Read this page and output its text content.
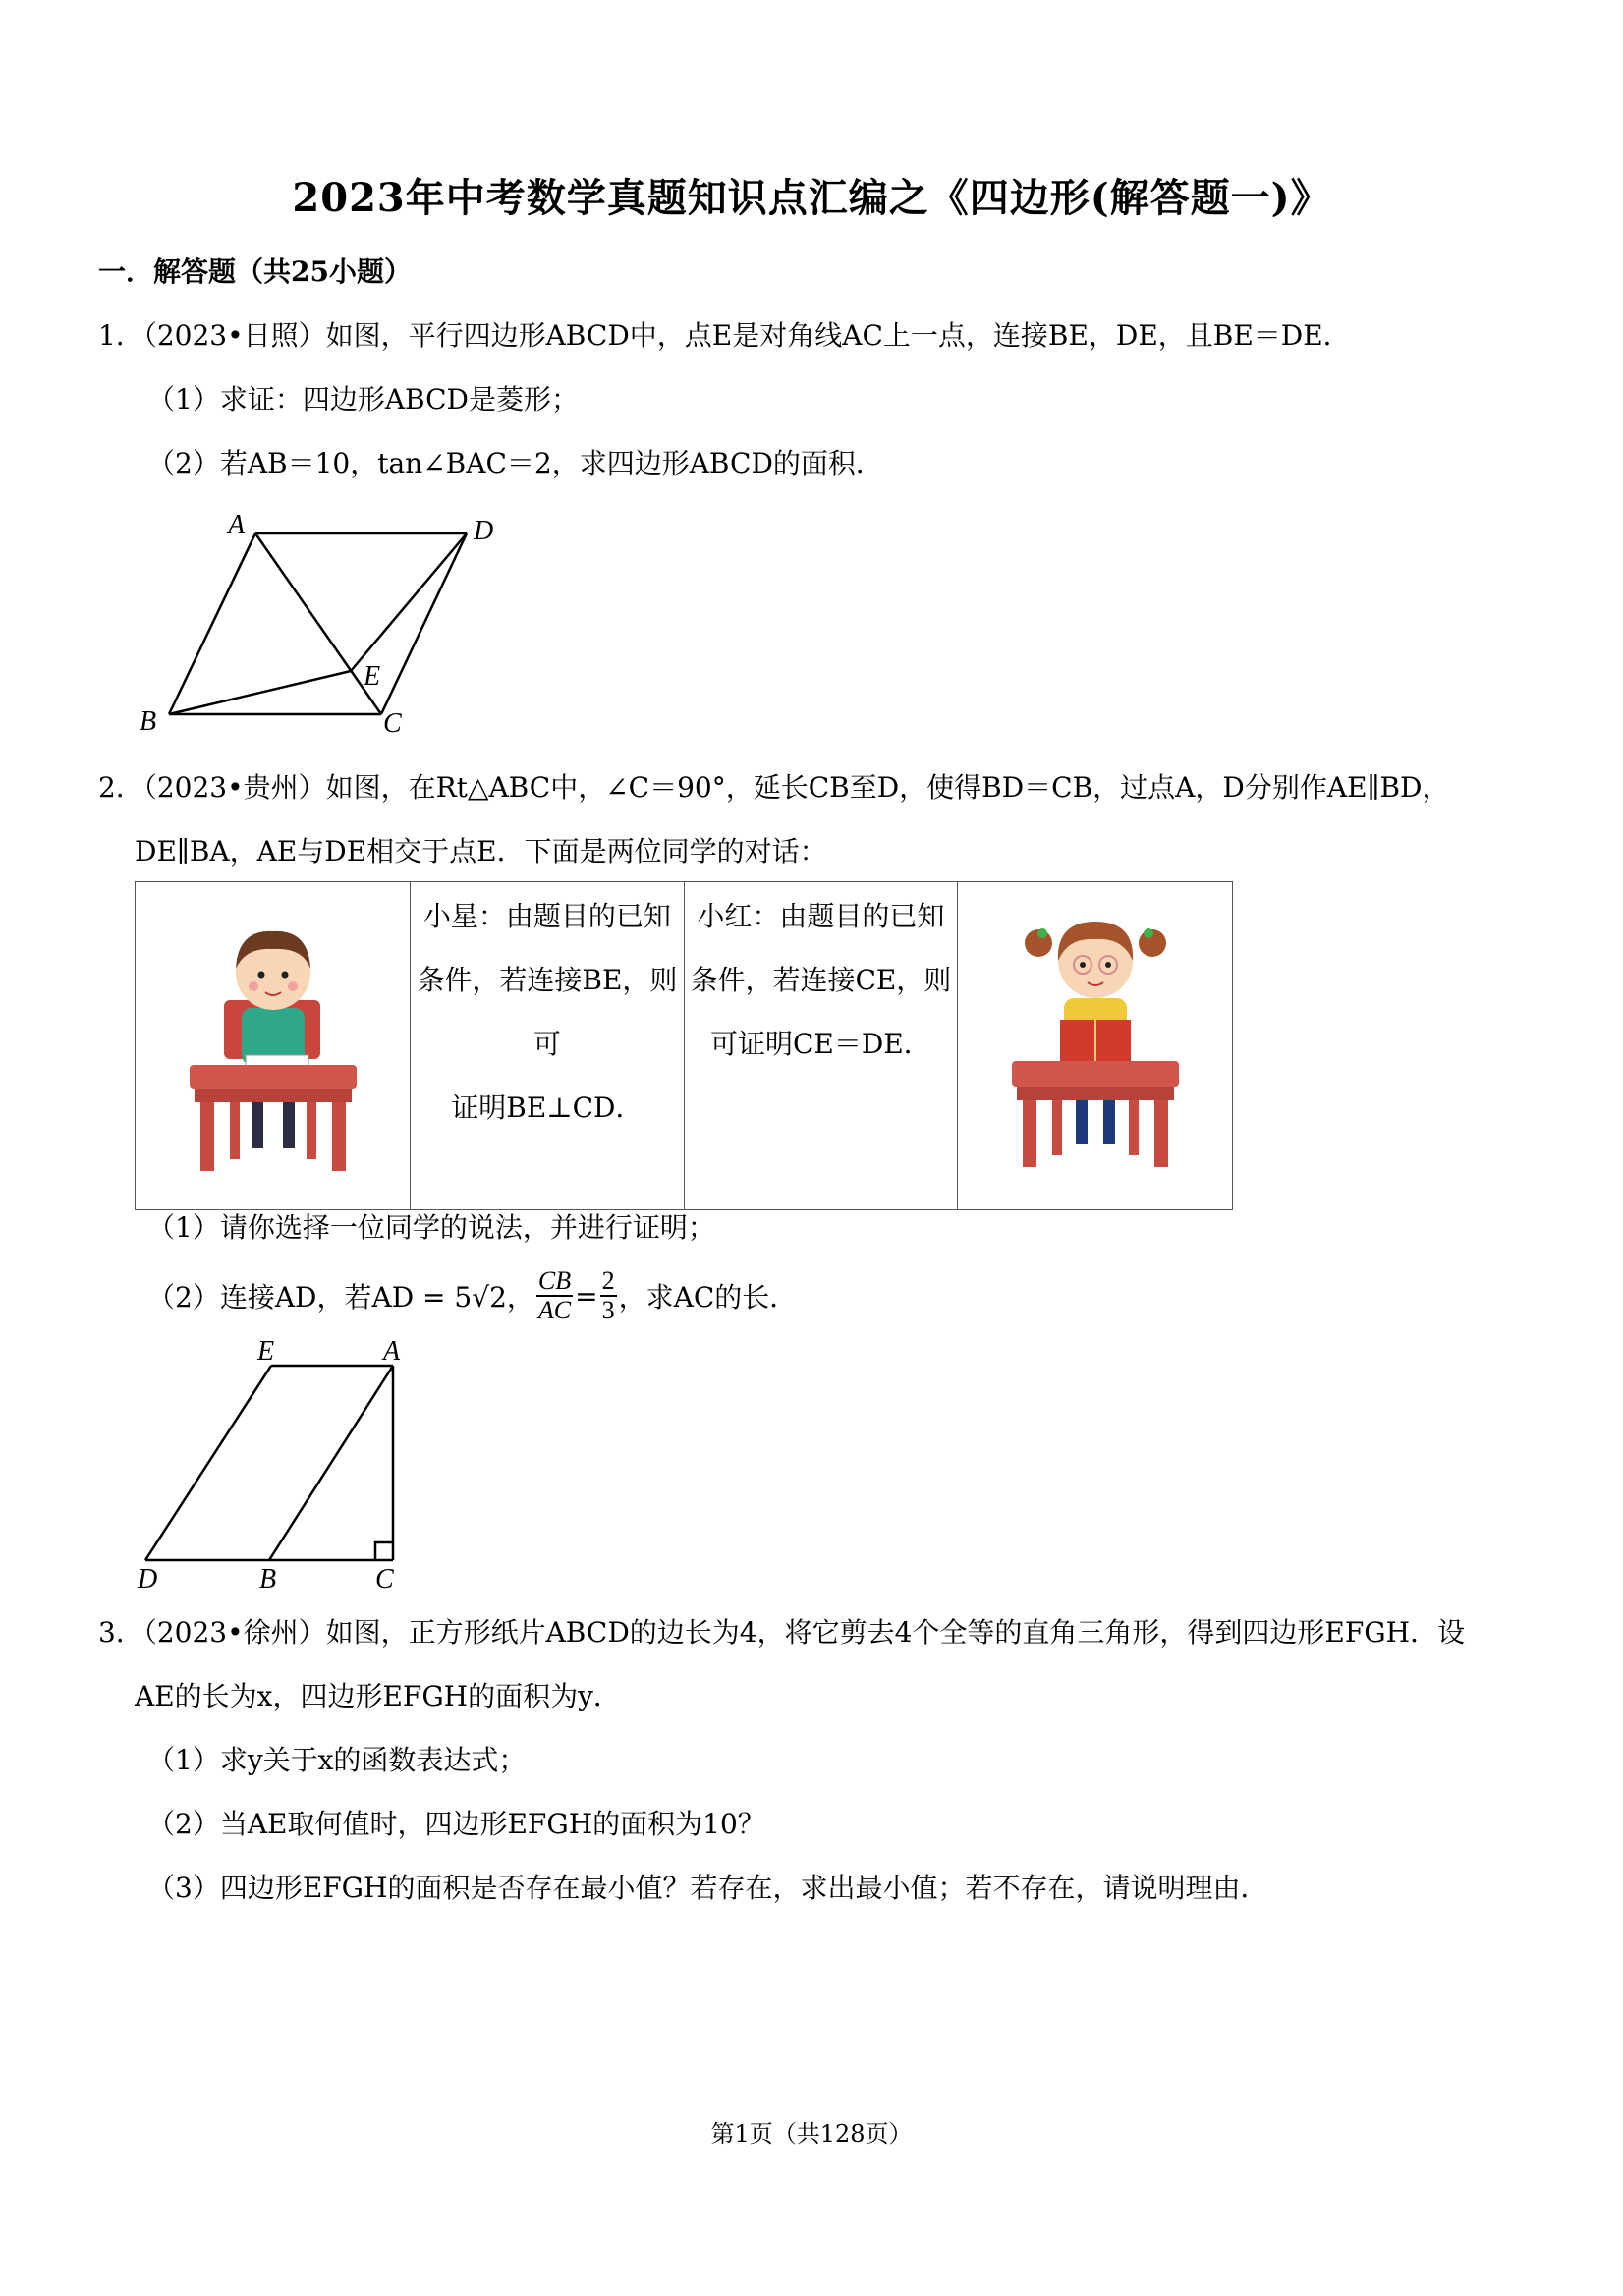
2023年中考数学真题知识点汇编之《四边形(解答题一)》
一．解答题（共25小题）
1．（2023•日照）如图，平行四边形ABCD中，点E是对角线AC上一点，连接BE，DE，且BE＝DE．
（1）求证：四边形ABCD是菱形；
（2）若AB＝10，tan∠BAC＝2，求四边形ABCD的面积．
A	D
B	C
E
2．（2023•贵州）如图，在Rt△ABC中，∠C＝90°，延长CB至D，使得BD＝CB，过点A，D分别作AE∥BD，
DE∥BA，AE与DE相交于点E．下面是两位同学的对话：

小星：由题目的已知
条件，若连接BE，则
可
证明BE⊥CD．

小红：由题目的已知
条件，若连接CE，则
可证明CE＝DE．

（1）请你选择一位同学的说法，并进行证明；
（2）连接AD，若AD = 5√2， $\frac{CB}{AC} = \frac{2}{3}$ ，求AC的长．
E	A
D	B	C
3．（2023•徐州）如图，正方形纸片ABCD的边长为4，将它剪去4个全等的直角三角形，得到四边形EFGH．设
AE的长为x，四边形EFGH的面积为y．
（1）求y关于x的函数表达式；
（2）当AE取何值时，四边形EFGH的面积为10？
（3）四边形EFGH的面积是否存在最小值？若存在，求出最小值；若不存在，请说明理由．
第1页（共128页）
